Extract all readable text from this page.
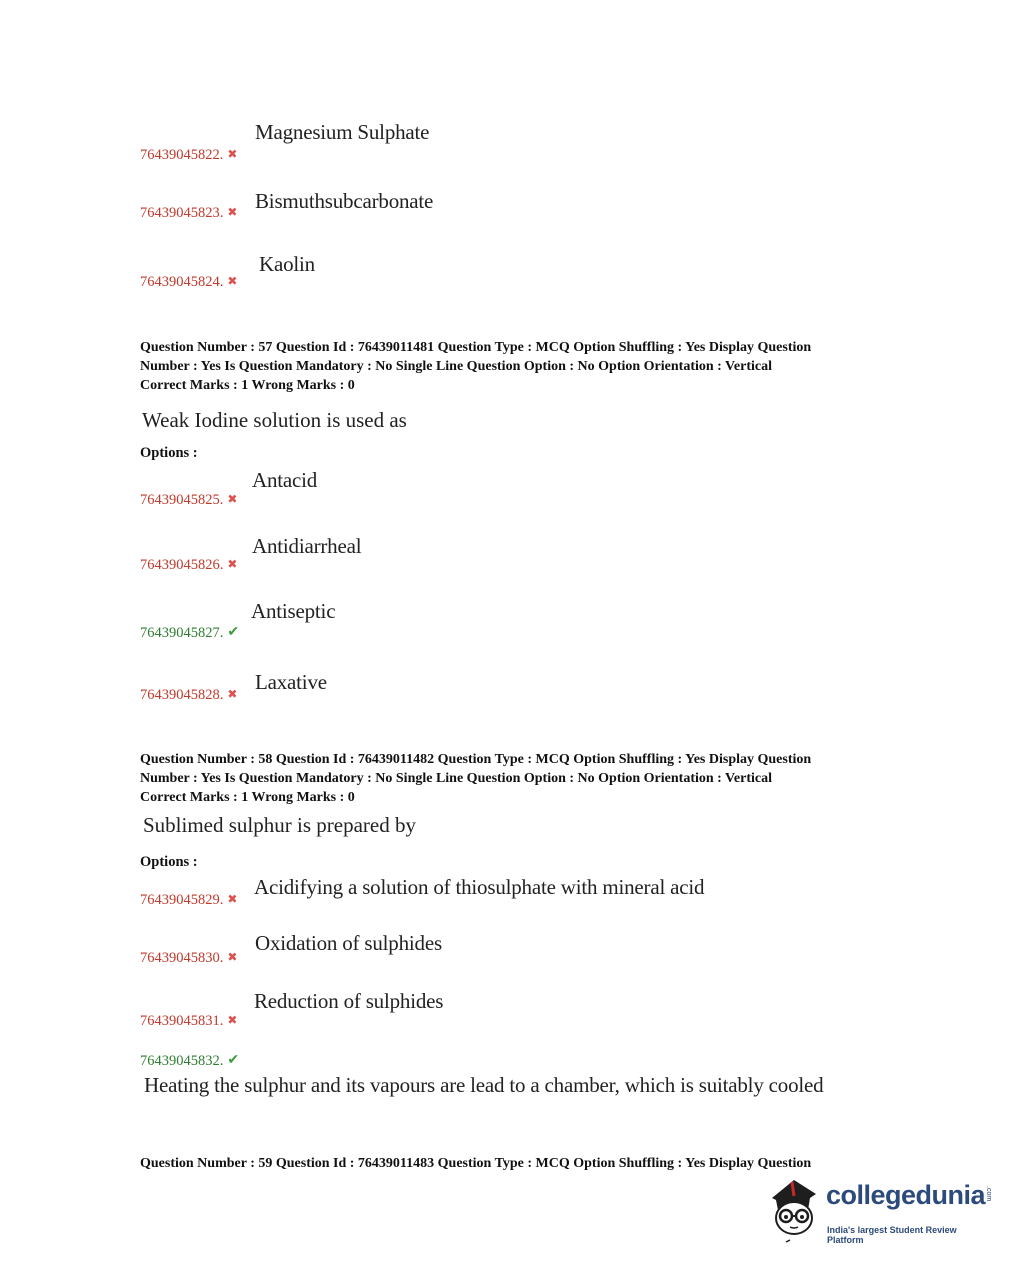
Magnesium Sulphate
76439045822. ✖
Bismuthsubcarbonate
76439045823. ✖
Kaolin
76439045824. ✖
Question Number : 57 Question Id : 76439011481 Question Type : MCQ Option Shuffling : Yes Display Question
Number : Yes Is Question Mandatory : No Single Line Question Option : No Option Orientation : Vertical
Correct Marks : 1 Wrong Marks : 0
Weak Iodine solution is used as
Options :
Antacid
76439045825. ✖
Antidiarrheal
76439045826. ✖
Antiseptic
76439045827. ✔
Laxative
76439045828. ✖
Question Number : 58 Question Id : 76439011482 Question Type : MCQ Option Shuffling : Yes Display Question
Number : Yes Is Question Mandatory : No Single Line Question Option : No Option Orientation : Vertical
Correct Marks : 1 Wrong Marks : 0
Sublimed sulphur is prepared by
Options :
Acidifying a solution of thiosulphate with mineral acid
76439045829. ✖
Oxidation of sulphides
76439045830. ✖
Reduction of sulphides
76439045831. ✖
76439045832. ✔
Heating the sulphur and its vapours are lead to a chamber, which is suitably cooled
Question Number : 59 Question Id : 76439011483 Question Type : MCQ Option Shuffling : Yes Display Question
collegedunia .com
India's largest Student Review Platform
